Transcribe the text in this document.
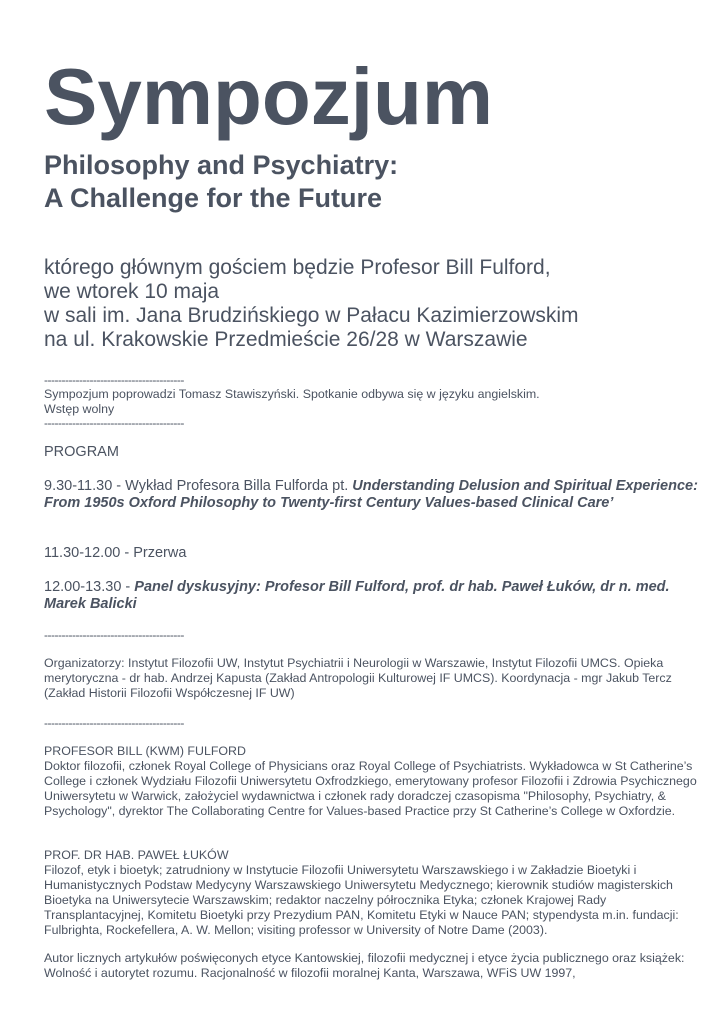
Sympozjum
Philosophy and Psychiatry:
A Challenge for the Future
którego głównym gościem będzie Profesor Bill Fulford,
we wtorek 10 maja
w sali im. Jana Brudzińskiego w Pałacu Kazimierzowskim
na ul. Krakowskie Przedmieście 26/28 w Warszawie
----------------------------------------
Sympozjum poprowadzi Tomasz Stawiszyński. Spotkanie odbywa się w języku angielskim.
Wstęp wolny
----------------------------------------
PROGRAM
9.30-11.30 - Wykład Profesora Billa Fulforda pt. Understanding Delusion and Spiritual Experience: From 1950s Oxford Philosophy to Twenty-first Century Values-based Clinical Care’
11.30-12.00 - Przerwa
12.00-13.30 - Panel dyskusyjny: Profesor Bill Fulford, prof. dr hab. Paweł Łuków, dr n. med. Marek Balicki
----------------------------------------
Organizatorzy: Instytut Filozofii UW, Instytut Psychiatrii i Neurologii w Warszawie, Instytut Filozofii UMCS. Opieka merytoryczna - dr hab. Andrzej Kapusta (Zakład Antropologii Kulturowej IF UMCS). Koordynacja - mgr Jakub Tercz (Zakład Historii Filozofii Współczesnej IF UW)
----------------------------------------
PROFESOR BILL (KWM) FULFORD
Doktor filozofii, członek Royal College of Physicians oraz Royal College of Psychiatrists. Wykładowca w St Catherine’s College i członek Wydziału Filozofii Uniwersytetu Oxfrodzkiego, emerytowany profesor Filozofii i Zdrowia Psychicznego Uniwersytetu w Warwick, założyciel wydawnictwa i członek rady doradczej czasopisma "Philosophy, Psychiatry, & Psychology", dyrektor The Collaborating Centre for Values-based Practice przy St Catherine’s College w Oxfordzie.
PROF. DR HAB. PAWEŁ ŁUKÓW
Filozof, etyk i bioetyk; zatrudniony w Instytucie Filozofii Uniwersytetu Warszawskiego i w Zakładzie Bioetyki i Humanistycznych Podstaw Medycyny Warszawskiego Uniwersytetu Medycznego; kierownik studiów magisterskich Bioetyka na Uniwersytecie Warszawskim; redaktor naczelny półrocznika Etyka; członek Krajowej Rady Transplantacyjnej, Komitetu Bioetyki przy Prezydium PAN, Komitetu Etyki w Nauce PAN; stypendysta m.in. fundacji: Fulbrighta, Rockefellera, A. W. Mellon; visiting professor w University of Notre Dame (2003).
Autor licznych artykułów poświęconych etyce Kantowskiej, filozofii medycznej i etyce życia publicznego oraz książek: Wolność i autorytet rozumu. Racjonalność w filozofii moralnej Kanta, Warszawa, WFiS UW 1997,
